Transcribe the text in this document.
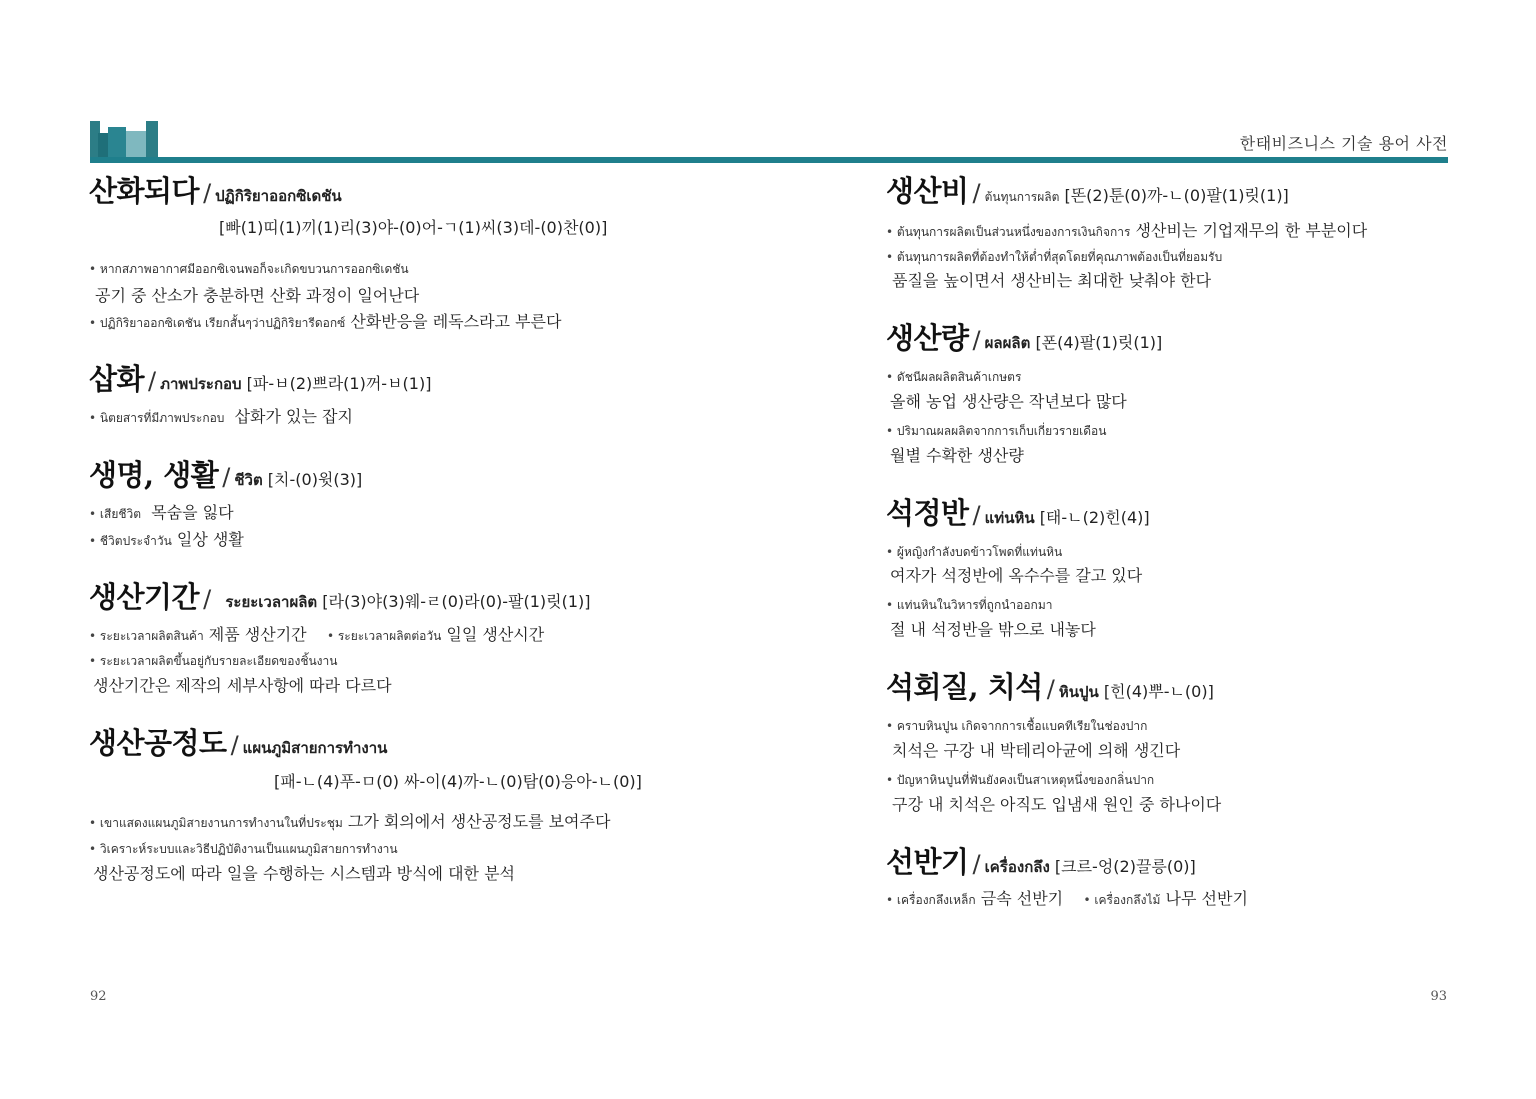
한태비즈니스 기술 용어 사전
산화되다 / ปฏิกิริยาออกซิเดชัน
[빠(1)띠(1)끼(1)리(3)야-(0)어-ㄱ(1)씨(3)데-(0)찬(0)]
• หากสภาพอากาศมีออกซิเจนพอก็จะเกิดขบวนการออกซิเดชัน
공기 중 산소가 충분하면 산화 과정이 일어난다
• ปฏิกิริยาออกซิเดชัน เรียกสั้นๆว่าปฏิกิริยารีดอกซ์ 산화반응을 레독스라고 부른다
삽화 / ภาพประกอบ [파-ㅂ(2)쁘라(1)꺼-ㅂ(1)]
• นิตยสารที่มีภาพประกอบ 삽화가 있는 잡지
생명, 생활 / ชีวิต [치-(0)윗(3)]
• เสียชีวิต 목숨을 잃다
• ชีวิตประจำวัน 일상 생활
생산기간 / ระยะเวลาผลิต [라(3)야(3)웨-ㄹ(0)라(0)-팔(1)릿(1)]
• ระยะเวลาผลิตสินค้า 제품 생산기간 • ระยะเวลาผลิตต่อวัน 일일 생산시간
• ระยะเวลาผลิตขึ้นอยู่กับรายละเอียดของชิ้นงาน
생산기간은 제작의 세부사항에 따라 다르다
생산공정도 / แผนภูมิสายการทำงาน
[패-ㄴ(4)푸-ㅁ(0) 싸-이(4)까-ㄴ(0)탐(0)응아-ㄴ(0)]
• เขาแสดงแผนภูมิสายงานการทำงานในที่ประชุม 그가 회의에서 생산공정도를 보여주다
• วิเคราะห์ระบบและวิธีปฏิบัติงานเป็นแผนภูมิสายการทำงาน
생산공정도에 따라 일을 수행하는 시스템과 방식에 대한 분석
생산비 / ต้นทุนการผลิต [똔(2)툰(0)까-ㄴ(0)팔(1)릿(1)]
• ต้นทุนการผลิตเป็นส่วนหนึ่งของการเงินกิจการ 생산비는 기업재무의 한 부분이다
• ต้นทุนการผลิตที่ต้องทำให้ต่ำที่สุดโดยที่คุณภาพต้องเป็นที่ยอมรับ
품질을 높이면서 생산비는 최대한 낮춰야 한다
생산량 / ผลผลิต [폰(4)팔(1)릿(1)]
• ดัชนีผลผลิตสินค้าเกษตร
올해 농업 생산량은 작년보다 많다
• ปริมาณผลผลิตจากการเก็บเกี่ยวรายเดือน
월별 수확한 생산량
석정반 / แท่นหิน [태-ㄴ(2)힌(4)]
• ผู้หญิงกำลังบดข้าวโพดที่แท่นหิน
여자가 석정반에 옥수수를 갈고 있다
• แท่นหินในวิหารที่ถูกนำออกมา
절 내 석정반을 밖으로 내놓다
석회질, 치석 / หินปูน [힌(4)뿌-ㄴ(0)]
• คราบหินปูน เกิดจากการเชื้อแบคทีเรียในช่องปาก
치석은 구강 내 박테리아균에 의해 생긴다
• ปัญหาหินปูนที่ฟันยังคงเป็นสาเหตุหนึ่งของกลิ่นปาก
구강 내 치석은 아직도 입냄새 원인 중 하나이다
선반기 / เครื่องกลึง [크르-엉(2)끌릉(0)]
• เครื่องกลึงเหล็ก 금속 선반기 • เครื่องกลึงไม้ 나무 선반기
92	93
